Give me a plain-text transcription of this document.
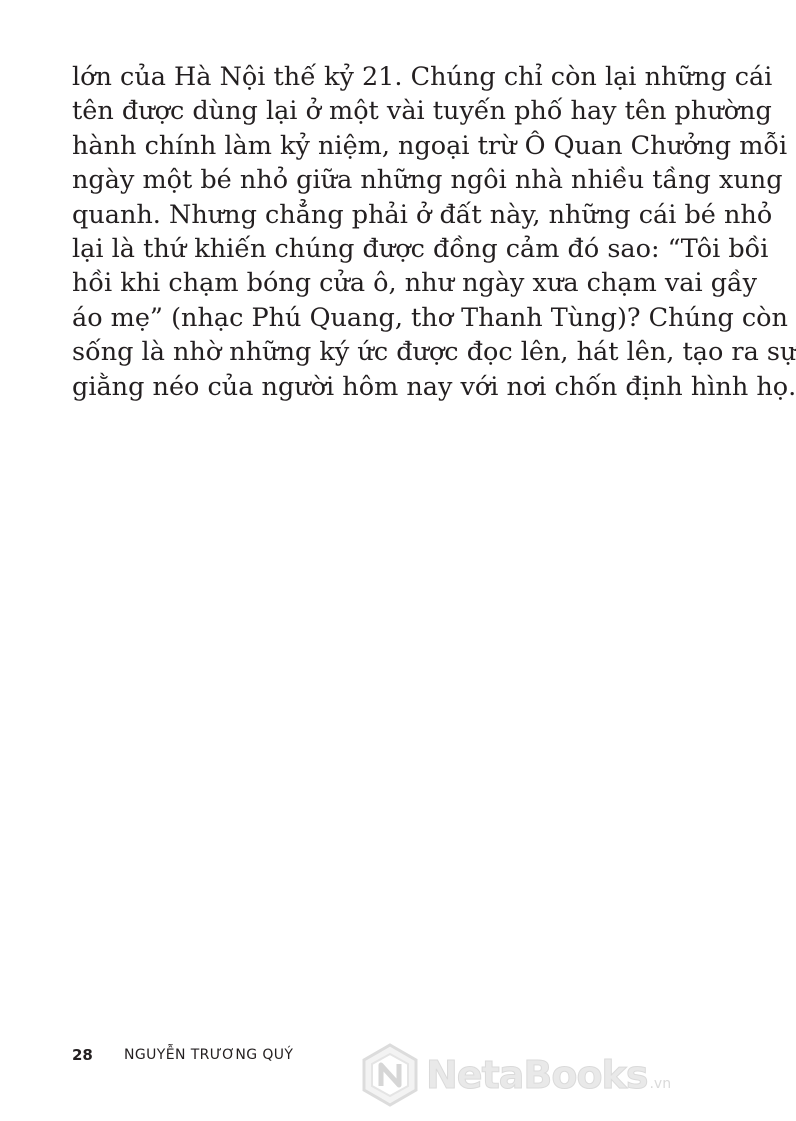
lớn của Hà Nội thế kỷ 21. Chúng chỉ còn lại những cái
tên được dùng lại ở một vài tuyến phố hay tên phường
hành chính làm kỷ niệm, ngoại trừ Ô Quan Chưởng mỗi
ngày một bé nhỏ giữa những ngôi nhà nhiều tầng xung
quanh. Nhưng chẳng phải ở đất này, những cái bé nhỏ
lại là thứ khiến chúng được đồng cảm đó sao: “Tôi bồi
hồi khi chạm bóng cửa ô, như ngày xưa chạm vai gầy
áo mẹ” (nhạc Phú Quang, thơ Thanh Tùng)? Chúng còn
sống là nhờ những ký ức được đọc lên, hát lên, tạo ra sự
giằng néo của người hôm nay với nơi chốn định hình họ.
28	NGUYỄN TRƯƠNG QUÝ	NetaBooks .vn
